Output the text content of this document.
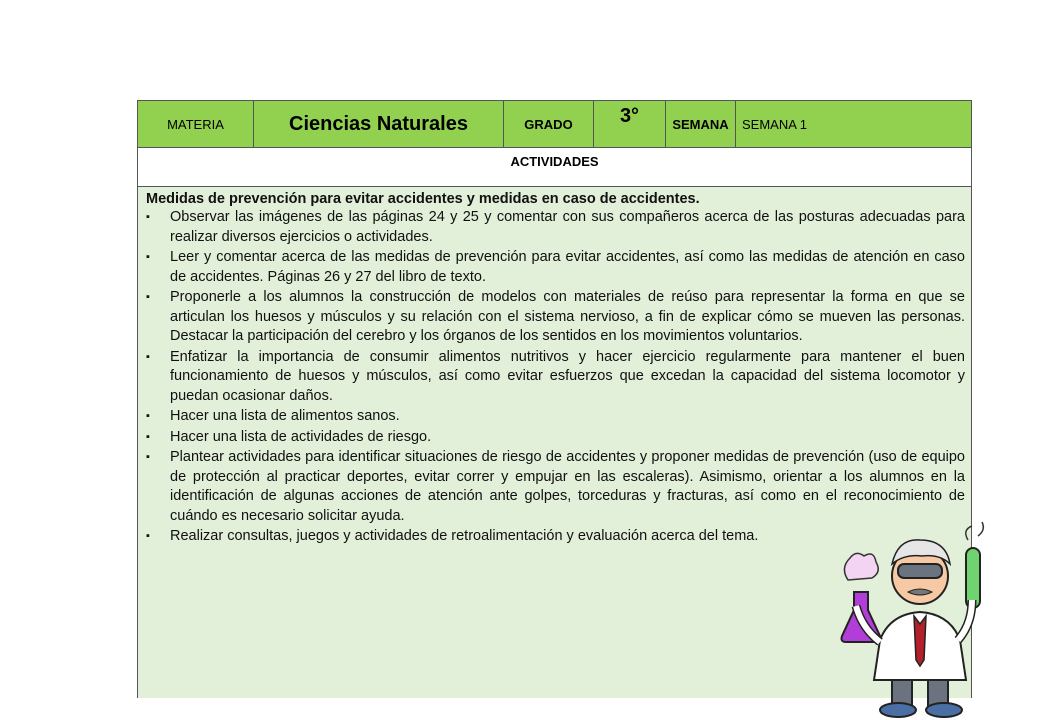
MATERIA	Ciencias Naturales	GRADO	3°	SEMANA	SEMANA 1
ACTIVIDADES
Medidas de prevención para evitar accidentes y medidas en caso de accidentes.
▪ Observar las imágenes de las páginas 24 y 25 y comentar con sus compañeros acerca de las posturas adecuadas para realizar diversos ejercicios o actividades.
▪ Leer y comentar acerca de las medidas de prevención para evitar accidentes, así como las medidas de atención en caso de accidentes. Páginas 26 y 27 del libro de texto.
▪ Proponerle a los alumnos la construcción de modelos con materiales de reúso para representar la forma en que se articulan los huesos y músculos y su relación con el sistema nervioso, a fin de explicar cómo se mueven las personas. Destacar la participación del cerebro y los órganos de los sentidos en los movimientos voluntarios.
▪ Enfatizar la importancia de consumir alimentos nutritivos y hacer ejercicio regularmente para mantener el buen funcionamiento de huesos y músculos, así como evitar esfuerzos que excedan la capacidad del sistema locomotor y puedan ocasionar daños.
▪ Hacer una lista de alimentos sanos.
▪ Hacer una lista de actividades de riesgo.
▪ Plantear actividades para identificar situaciones de riesgo de accidentes y proponer medidas de prevención (uso de equipo de protección al practicar deportes, evitar correr y empujar en las escaleras). Asimismo, orientar a los alumnos en la identificación de algunas acciones de atención ante golpes, torceduras y fracturas, así como en el reconocimiento de cuándo es necesario solicitar ayuda.
▪ Realizar consultas, juegos y actividades de retroalimentación y evaluación acerca del tema.
